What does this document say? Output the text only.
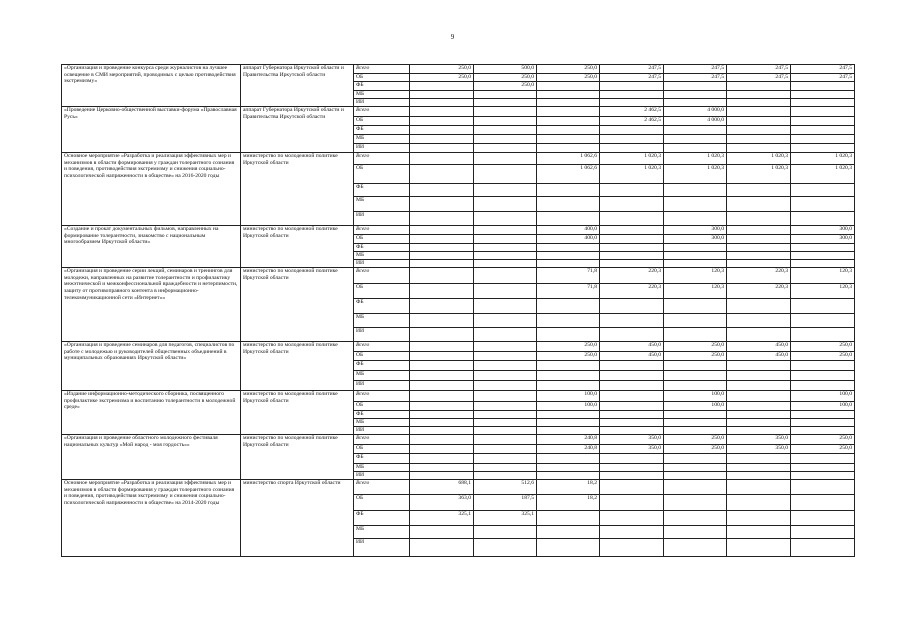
9
«Организация и проведение конкурса среди журналистов на лучшее освещение в СМИ мероприятий, проводимых с целью противодействия экстремизму»	аппарат Губернатора Иркутской области и Правительства Иркутской области	Всего	250,0	500,0	250,0	247,5	247,5	247,5	247,5
		ОБ	250,0	250,0	250,0	247,5	247,5	247,5	247,5
		ФБ		250,0					
		МБ							
		ИИ							
«Проведение Церковно-общественной выставки-форума «Православная Русь»	аппарат Губернатора Иркутской области и Правительства Иркутской области	Всего				2 462,5	4 000,0		
		ОБ				2 462,5	4 000,0		
		ФБ							
		МБ							
		ИИ							
Основное мероприятие «Разработка и реализация эффективных мер и механизмов в области формирования у граждан толерантного сознания и поведения, противодействия экстремизму и снижения социально-психологической напряженности в обществе» на 2016-2020 годы	министерство по молодежной политике Иркутской области	Всего			1 062,6	1 020,3	1 020,3	1 020,3	1 020,3
		ОБ			1 062,6	1 020,3	1 020,3	1 020,3	1 020,3
		ФБ							
		МБ							
		ИИ							
«Создание и прокат документальных фильмов, направленных на формирование толерантности, знакомство с национальным многообразием Иркутской области»	министерство по молодежной политике Иркутской области	Всего			400,0		300,0		300,0
		ОБ			400,0		300,0		300,0
		ФБ							
		МБ							
		ИИ							
«Организация и проведение серии лекций, семинаров и тренингов для молодежи, направленных на развитие толерантности и профилактику межэтнической и межконфессиональной враждебности и нетерпимости, защиту от противоправного контента в информационно-телекоммуникационной сети «Интернет»»	министерство по молодежной политике Иркутской области	Всего			71,8	220,3	120,3	220,3	120,3
		ОБ			71,8	220,3	120,3	220,3	120,3
		ФБ							
		МБ							
		ИИ							
«Организация и проведение семинаров для педагогов, специалистов по работе с молодежью и руководителей общественных объединений в муниципальных образованиях Иркутской области»	министерство по молодежной политике Иркутской области	Всего			250,0	450,0	250,0	450,0	250,0
		ОБ			250,0	450,0	250,0	450,0	250,0
		ФБ							
		МБ							
		ИИ							
«Издание информационно-методического сборника, посвященного профилактике экстремизма и воспитанию толерантности в молодежной среде»	министерство по молодежной политике Иркутской области	Всего			100,0		100,0		100,0
		ОБ			100,0		100,0		100,0
		ФБ							
		МБ							
		ИИ							
«Организация и проведение областного молодежного фестиваля национальных культур «Мой народ - моя гордость»»	министерство по молодежной политике Иркутской области	Всего			240,8	350,0	250,0	350,0	250,0
		ОБ			240,8	350,0	250,0	350,0	250,0
		ФБ							
		МБ							
		ИИ							
Основное мероприятие «Разработка и реализация эффективных мер и механизмов в области формирования у граждан толерантного сознания и поведения, противодействия экстремизму и снижения социально-психологической напряженности в обществе» на 2014-2020 годы	министерство спорта Иркутской области	Всего	688,1	512,6	18,2				
		ОБ	363,0	187,5	18,2				
		ФБ	325,1	325,1					
		МБ							
		ИИ							
